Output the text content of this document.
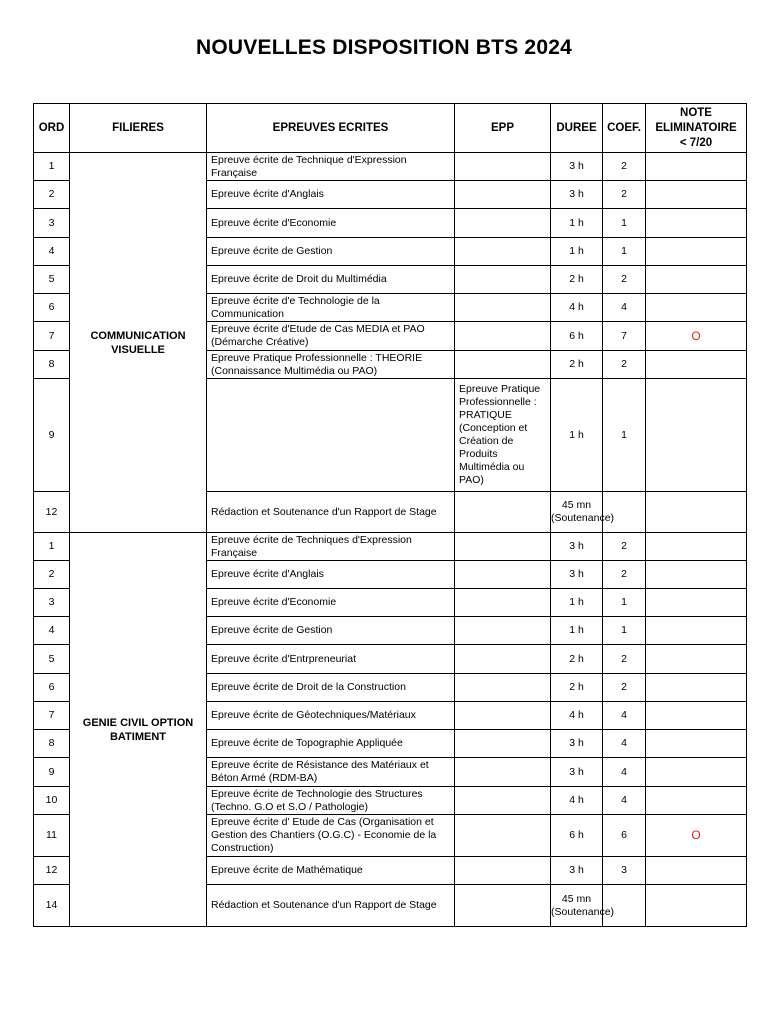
NOUVELLES DISPOSITION BTS 2024
ORD	FILIERES	EPREUVES ECRITES	EPP	DUREE	COEF.	NOTE
ELIMINATOIRE
< 7/20

1	COMMUNICATION VISUELLE	Epreuve écrite de Technique d'Expression Française		3 h	2	
2		Epreuve écrite d'Anglais		3 h	2	
3		Epreuve écrite d'Economie		1 h	1	
4		Epreuve écrite de Gestion		1 h	1	
5		Epreuve écrite de Droit du Multimédia		2 h	2	
6		Epreuve écrite d'e Technologie de la Communication		4 h	4	
7		Epreuve écrite d'Etude de Cas MEDIA et PAO (Démarche Créative)		6 h	7	O
8		Epreuve Pratique Professionnelle : THEORIE (Connaissance Multimédia ou PAO)		2 h	2	
9			Epreuve Pratique Professionnelle : PRATIQUE (Conception et Création de Produits Multimédia ou PAO)	1 h	1	
12		Rédaction et Soutenance d'un Rapport de Stage		45 mn (Soutenance)		
1	GENIE CIVIL OPTION BATIMENT	Epreuve écrite de Techniques d'Expression Française		3 h	2	
2		Epreuve écrite d'Anglais		3 h	2	
3		Epreuve écrite d'Economie		1 h	1	
4		Epreuve écrite de Gestion		1 h	1	
5		Epreuve écrite d'Entrpreneuriat		2 h	2	
6		Epreuve écrite de Droit de la Construction		2 h	2	
7		Epreuve écrite de Géotechniques/Matériaux		4 h	4	
8		Epreuve écrite de Topographie Appliquée		3 h	4	
9		Epreuve écrite de Résistance des Matériaux et Béton Armé (RDM-BA)		3 h	4	
10		Epreuve écrite de Technologie des Structures (Techno. G.O et S.O / Pathologie)		4 h	4	
11		Epreuve écrite d' Etude de Cas (Organisation et Gestion des Chantiers (O.G.C) - Economie de la Construction)		6 h	6	O
12		Epreuve écrite de Mathématique		3 h	3	
14		Rédaction et Soutenance d'un Rapport de Stage		45 mn (Soutenance)		
